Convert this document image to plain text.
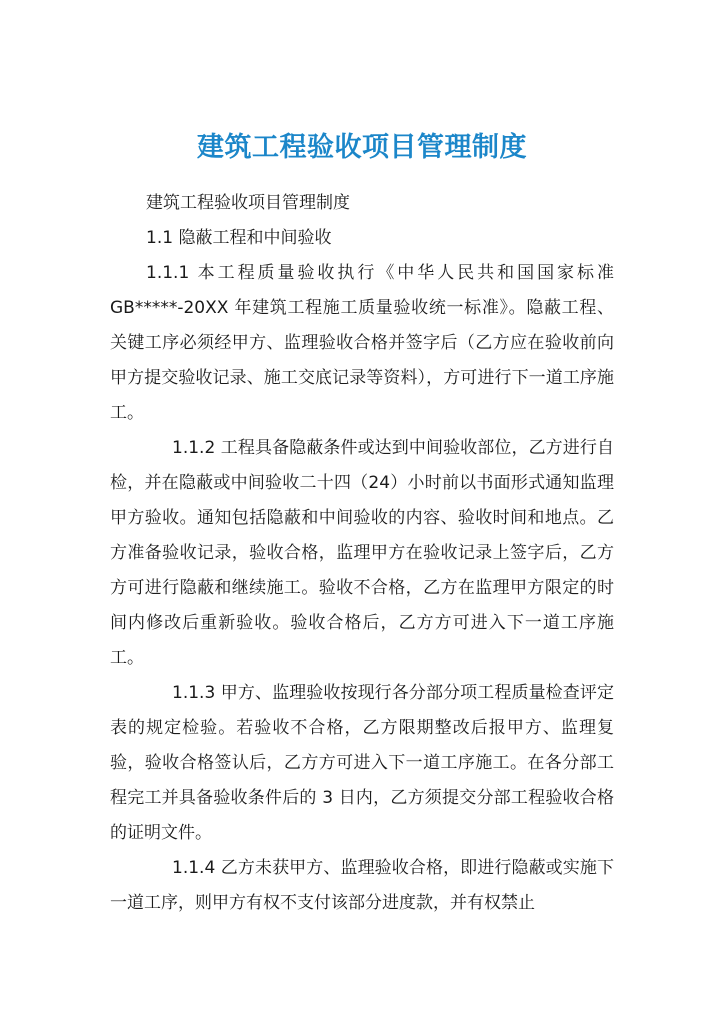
建筑工程验收项目管理制度

建筑工程验收项目管理制度

1.1 隐蔽工程和中间验收

1.1.1 本工程质量验收执行《中华人民共和国国家标准GB*****-20XX 年建筑工程施工质量验收统一标准》。隐蔽工程、关键工序必须经甲方、监理验收合格并签字后（乙方应在验收前向甲方提交验收记录、施工交底记录等资料），方可进行下一道工序施工。

1.1.2 工程具备隐蔽条件或达到中间验收部位，乙方进行自检，并在隐蔽或中间验收二十四（24）小时前以书面形式通知监理甲方验收。通知包括隐蔽和中间验收的内容、验收时间和地点。乙方准备验收记录，验收合格，监理甲方在验收记录上签字后，乙方方可进行隐蔽和继续施工。验收不合格，乙方在监理甲方限定的时间内修改后重新验收。验收合格后，乙方方可进入下一道工序施工。

1.1.3 甲方、监理验收按现行各分部分项工程质量检查评定表的规定检验。若验收不合格，乙方限期整改后报甲方、监理复验，验收合格签认后，乙方方可进入下一道工序施工。在各分部工程完工并具备验收条件后的 3 日内，乙方须提交分部工程验收合格的证明文件。

1.1.4 乙方未获甲方、监理验收合格，即进行隐蔽或实施下一道工序，则甲方有权不支付该部分进度款，并有权禁止
